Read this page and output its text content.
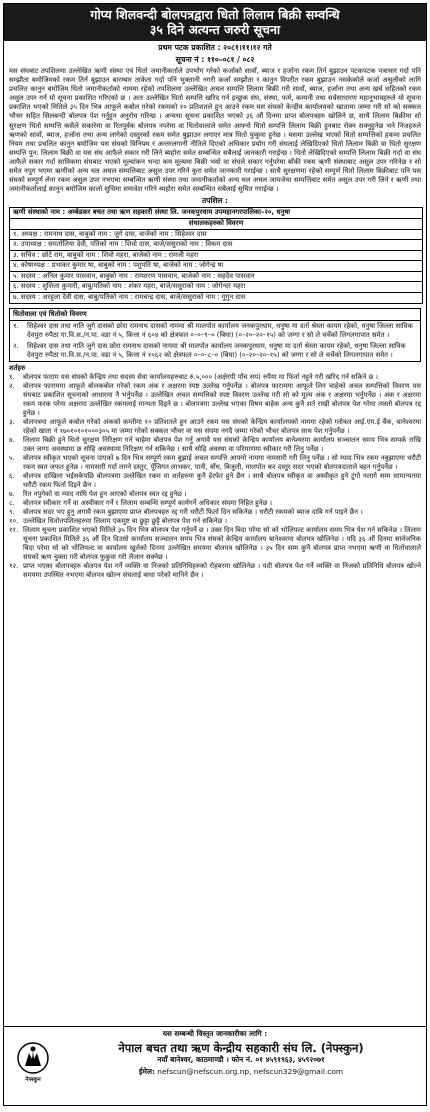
गोप्य शिलवन्दी बोलपत्रद्वारा धितो लिलाम बिक्री सम्वन्धि
३५ दिने अत्यन्त जरुरी सूचना
प्रथम पटक प्रकाशित : २०८१।११।१२ गते
सूचना नं : ११०–०८१ / ०८२
यस संघबाट तपशिलमा उल्लेखित ऋणी संस्था एवं धितो जमानीकर्ताले उपभोग गरेको कर्जाको सावाँ, ब्याज र हर्जाना रकम तिर्न बुझाउन पटकपटक पत्राचार गर्दा पनि सम्झौता बमोजिमको रकम तिर्न बुझाउन बारम्बार ताकेता गर्दा पनि भुक्तानी नगरी कर्जा सम्झौता र कानुन विपरीत रकम बुझाउन नसकेकोले कर्जा असुलीको लागि प्रचलित कानुन बमोजिम धितो जमानीकर्ताको नाममा रहेको तपशिलमा उल्लेखित अचल सम्पत्ति लिलाम बिक्री गरी सावाँ, ब्याज, हर्जाना तथा अन्य खर्च सहितको रकम असुल उपर गर्न यो सूचना प्रकाशित गरिएको छ । अतः उल्लेखित धितो सम्पत्ति खरिद गर्न इच्छुक संघ, संस्था, फर्म, कम्पनी तथा सर्वसाधारण महानुभावहरुले यो सूचना प्रकाशित भएको मितिले ३५ दिन भित्र आफूले कबोल गरेको रकमको १० प्रतिशतले हुन आउने रकम यस संघको केन्द्रीय कार्यालयको खातामा जम्मा गरी सो को सक्कल भौचर सहित सिलबन्दी बोलपत्र पेश गर्नुहुन अनुरोध गरिन्छ । अन्यथा सूचना प्रकाशित भएको ३६ औं दिनमा प्राप्त बोलपत्रहरु खोलिने छ, साथै लिलाम बिक्रीमा सो सुरक्षण धितो सम्पत्ति कसैले सकारेमा वा रितपूर्वक बोलपत्र नपरेमा वा धितोवालाले समेत आफ्नो धितो सम्पत्ति लिलाम बिक्री हुनबाट रोक्न सक्नुहुनेछ भने निजहरुले ऋणको सावाँ, ब्याज, हर्जाना तथा अन्य लागेको दस्तुरको रकम समेत बुझाउन लगाएर मात्र धितो फुकुवा हुनेछ । यसमा उल्लेख भएको धितो सम्पत्तिको हकमा प्रचलित नियम तथा प्रचलित कानुन बमोजिम यस संघको विनियम र अन्तरलगानी नीतिले दिएको अधिकार प्रयोग गरी संघलाई लेखिदिएको धितो लिलाम बिक्री वा धितो सुरक्षण सम्पत्ति पुन: लिलाम बिक्री वा यस संघ आफैले सकार गरी लिने ब्यहोरा समेत सम्बन्धित सबैलाई जानकारी गराईन्छ । धितो लेखिदिएको सम्पत्ति लिलाम बिक्री गर्दा वा संघ आफैले सकार गर्दा साविकमा संघबाट भएको मूल्यांकन भन्दा कम मूल्यमा बिक्री भयो वा संघले सकार गर्नुपरेमा बाँकी रकम ऋणी संस्थाबाट असुल उपर गरिनेछ र सो समेत नपुग भएमा ऋणीको अन्य चल अचल सम्पत्तिबाट असुल उपर गरिने कुरा समेत जानकारी गराईन्छ । साथै सुरक्षणमा रहेको सम्पूर्ण धितो लिलाम बिक्रीबाट पनि यस संघको सम्पूर्ण लेना रकम असुल उपर नभएमा सम्बन्धित ऋणी संस्था तथा जमानीकर्ताको अन्य चल अचल जायजेथा सम्पत्तिबाट समेत असुल उपर गरी लिने र ऋणी तथा जमानीकर्तालाई कानुन बमोजिम कालो सुचिमा समावेश गरिने ब्यहोरा समेत सम्बन्धित सबैलाई सुचित गराईन्छ ।
तपशिल :
ऋणी संस्थाको नाम : अम्बेडकर बचत तथा ऋण सहकारी संस्था लि. जनकपुरधाम उपमहानगरपालिका–२०, धनुषा
संचालकहरुको विवरण
१. अध्यक्ष : रामनाथ दास, बाबुको नाम : जुगे दास, बाजेको नाम : सिहेश्वर दास
२. उपाध्यक्ष : समतोलिया देवी, पतिको नाम : शिवो दास, बाजे/ससुराको नाम : विकम दास
३. सचिव : छोटे राम, बाबुको नाम : शिवो महरा, बाजेको नाम : रामजी महरा
४. कोषाध्यक्ष : प्रभाकर कुमार षा, बाबुको नाम : पशुपति षा, बाजेको नाम : जोगेन्द्र षा
५. सदस्य : अनिल कुमार पासवान, बाबुको नाम : रामशरण पासवान, बाजेको नाम : सहदेव पासवान
६. सदस्य : शुशिला कुमारी, बाबु/पतिको नाम : शंकर महरा, बाजे/ससुराको नाम : जोगेन्दर महरा
७. सदस्य : अरहुला देवी दास, बाबु/पतिको नाम : रामचन्द्र दास, बाजे/ससुराको नाम : गुगुन दास
धितोवाला एवं धितोको विवरण
१.	सिहेश्वर दास तथा नाति जुगे दासको छोरा रामनाथ दासको नाममा श्री मालपोत कार्यालय जनकपुरधाम, धनुषा मा दर्ता श्रेस्ता कायम रहेको, धनुषा जिल्ला साविक देवपुरा रुपैठा गा.वि.स./न.पा. वडा नं ५, कित्ता नं ६०४ को क्षेत्रफल ०–०–९–० (बिघा) (०–२०–२०–१५) को जग्गा र सो ले चर्चेको लिगलगापात समेत ।
२.	सिहेश्वर दास तथा नाति जुगे दास छोरा रामनाथ दासको नाममा श्री मालपोत कार्यालय जनकपुरधाम, धनुषा मा दर्ता श्रेस्ता कायम रहेको, धनुषा जिल्ला साविक देवपुरा रुपैठा गा.वि.स./न.पा. वडा नं ५, कित्ता नं १०६२ को क्षेत्रफल ०–०–८–० (बिघा) (०–२०–२०–१५) को जग्गा र सो ले चर्चेको लिगलगापात समेत ।
शर्तहरु
१.	बोलपत्र फाराम यस संघको केन्द्रिय तथा सदस्य सेवा कार्यालयहरुबाट रु.५,००० (अक्षेरपी पाँच सय) रुपैया मा फिर्ता नहुने गरी खरिद गर्न सकिने छ ।
२.	बोलपत्र फाराममा आफूले बोलकबोल गरेको रकम अंक र अक्षरमा स्पष्ट उल्लेख गर्नुपर्नेछ । बोलपत्र फाराममा आफूले लिन चाहेको अचल सम्पत्तिको विवरण यस संघबाट प्रकाशित सूचनाको आधारमा नै भर्नुपर्नेछ । उल्लेखित अचल सम्पत्तिको स्पष्ट विवरण उल्लेख गरी सो को मूल्य अंक र अक्षरमा भर्नुपर्नेछ । अंक र अक्षरमा रकम फरक परेमा अक्षरमा उल्लेखित रकमलाई मान्यता दिइने छ । बोलपत्रमा उल्लेख भएका विषय बाहेक अन्य कुनै शर्त राखी बोलपत्र पेश गरेमा त्यस्तो बोलपत्र रद्द हुनेछ ।
३.	बोलपत्रमा आफूले कबोल गरेको अंकको कम्तीमा १० प्रतिशतले हुन आउने रकम यस संघको केन्द्रिय कार्यालयको नाममा रहेको ग्लोबल आई.एम.ई बैंक, बानेश्वरमा रहेको खाता नं १७०१०१०१०००३०५ मा जम्मा गरेको सक्कल भौचर वा यस संघमा नगदै जम्मा गरेको भौचर बोलपत्र साथ पेश गर्नुपर्नेछ ।
४.	लिलाम बिक्री हुने धितो सुरक्षण निरिक्षण गर्न चाहेमा बोलपत्र पेश गर्नु अगावै यस संघको केन्द्रिय कार्यालय बानेश्वरमा कार्यालय सञ्चालन समय भित्र सम्पर्क राखि उक्त जग्गा अवस्थामा छ सोहि अवस्थामा निरिक्षण गर्न सकिनेछ । साथै सोहि अवस्था वा परिमाणमा स्वीकार गरी लिनु पर्नेछ ।
५.	बोलपत्र स्वीकृत भएको सूचना पाएको ७ दिन भित्र सम्पूर्ण रकम बुझाई अचल सम्पत्ति आफ्नो नाममा नामसारी गरी लिनु पर्नेछ । सो म्याद भित्र रकम नबुझाएमा धरौटी रकम स्वत जफत हुनेछ । नामसारी गर्दा लाग्ने दस्तुर, पूँजिगत लाभकर, पानी, बाँध, बिजुली, मालपोत कर दस्तुर सदर भएको बोलपत्रदाताले बहन गर्नुपर्नेछ ।
६.	बोलपत्र दाखिला भईसकेपछि बोलपत्रमा उल्लेखित रकम वा शर्तहरुमा कुनै हेरफेर हुने छैन । साथै बोलपत्र स्वीकृत वा अस्वीकृत हुने टुंगो नलागे सम्म सामान्यतया धरौटी रकम फिर्ता दिइने छैन ।
७.	रित नपुगेको वा म्याद नाघि पेश हुन आएको बोलपत्र स्वत रद्द हुनेछ ।
८.	बोलपत्र स्वीकार गर्ने वा अस्वीकार गर्ने र लिलाम सम्बन्धि सम्पूर्ण कार्यगर्ने अधिकार संघमा निहित हुनेछ ।
९.	बोलपत्र सदर भए हुनु अगावै रकम बुझाएमा प्राप्त बोलपत्रहरु रद्द गरी धरौटी फिर्ता दिन सकिनेछ । धरौटी रकमको ब्याज दाबि गर्न पाइने छैन ।
१०. उल्लेखित धितोतपशिलहरुमा लिलाम एकमुष्ट वा छुट्टा छुट्टै बोलपत्र पेश गर्न सकिनेछ ।
११. लिलाम सूचना प्रकाशित भएको मितिले ३५ दिन भित्र बोलपत्र पेश गर्नुपर्ने छ । उक्त दिन बिदा परेमा सो को भोलिपल्ट कार्यालय समय भित्र पेश गर्न सकिनेछ । लिलाम सूचना प्रकाशित मितिले ३६ औं दिन दिउसो कार्यालय सञ्चालन समय भित्र संघको केन्द्रिय कार्यालय बानेश्वरमा बोलपत्र खोलिनेछ । यदि ३६ औं दिनमा सार्वजनिक बिदा परेमा सो को भोलिपल्ट वा कार्यालय खुलेको दिनमा उल्लेखित समयमा बोलपत्र खोलिनेछ । ३५ दिन सम्म कुनै बोलपत्र प्राप्त नभएमा ऋणी वा धितोवालाले संघको ऋण चुक्ता गरी बोलपत्र फुकुवा गरी लैजान सक्नेछ ।
१२. प्राप्त भएका बोलपत्रहरु बोलपत्र पेश गर्ने व्यक्ति वा निजको प्रतिनिधिहरुको रोहबरमा खोलिनेछ । यदी बोलपत्र पेश गर्ने व्यक्ति वा निजको प्रतिनिधि बोलपत्र खोल्ने समयमा उपस्थित नभएमा बोलपत्र खोल्न संघलाई बाधा परेको मानिने छैन ।
यस सम्बन्धी विस्तृत जानकारीका लागि :
नेफ्स्कुन
नेपाल बचत तथा ऋण केन्द्रीय सहकारी संघ लि. (नेफ्स्कुन)
नयाँ बानेश्वर, काठमाण्डौ । फोन नं. ०१ ४५९१९६३, ४५९२०७१
ईमेल: nefscun@nefscun.org.np, nefscun329@gmail.com
